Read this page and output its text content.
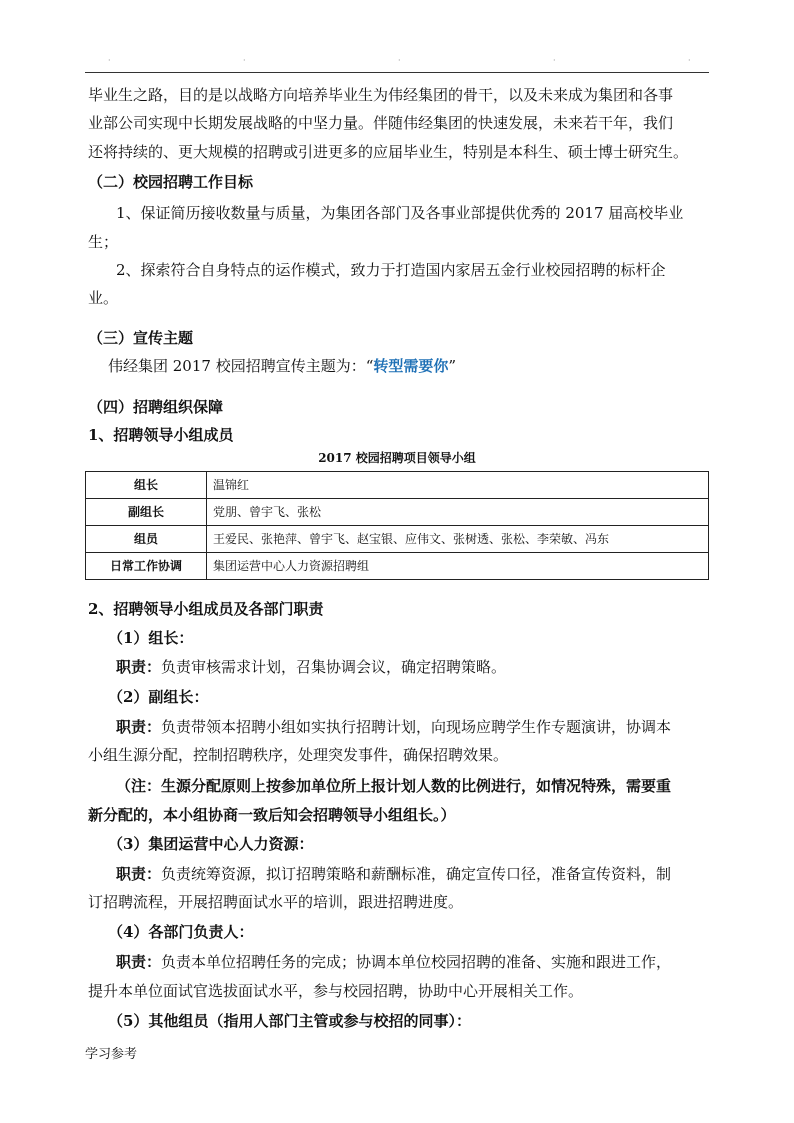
·	·	·	·	·
毕业生之路，目的是以战略方向培养毕业生为伟经集团的骨干，以及未来成为集团和各事
业部公司实现中长期发展战略的中坚力量。伴随伟经集团的快速发展，未来若干年，我们
还将持续的、更大规模的招聘或引进更多的应届毕业生，特别是本科生、硕士博士研究生。
（二）校园招聘工作目标
1、保证简历接收数量与质量，为集团各部门及各事业部提供优秀的 2017 届高校毕业
生；
2、探索符合自身特点的运作模式，致力于打造国内家居五金行业校园招聘的标杆企
业。
（三）宣传主题
伟经集团 2017 校园招聘宣传主题为：“转型需要你”
（四）招聘组织保障
1、招聘领导小组成员
2017 校园招聘项目领导小组
组长	温锦红
副组长	党朋、曾宇飞、张松
组员	王爱民、张艳萍、曾宇飞、赵宝银、应伟文、张树透、张松、李荣敏、冯东
日常工作协调	集团运营中心人力资源招聘组
2、招聘领导小组成员及各部门职责
（1）组长：
职责：负责审核需求计划，召集协调会议，确定招聘策略。
（2）副组长：
职责：负责带领本招聘小组如实执行招聘计划，向现场应聘学生作专题演讲，协调本
小组生源分配，控制招聘秩序，处理突发事件，确保招聘效果。
（注：生源分配原则上按参加单位所上报计划人数的比例进行，如情况特殊，需要重
新分配的，本小组协商一致后知会招聘领导小组组长。）
（3）集团运营中心人力资源：
职责：负责统筹资源，拟订招聘策略和薪酬标准，确定宣传口径，准备宣传资料，制
订招聘流程，开展招聘面试水平的培训，跟进招聘进度。
（4）各部门负责人：
职责：负责本单位招聘任务的完成；协调本单位校园招聘的准备、实施和跟进工作，
提升本单位面试官选拔面试水平，参与校园招聘，协助中心开展相关工作。
（5）其他组员（指用人部门主管或参与校招的同事）：
学习参考
